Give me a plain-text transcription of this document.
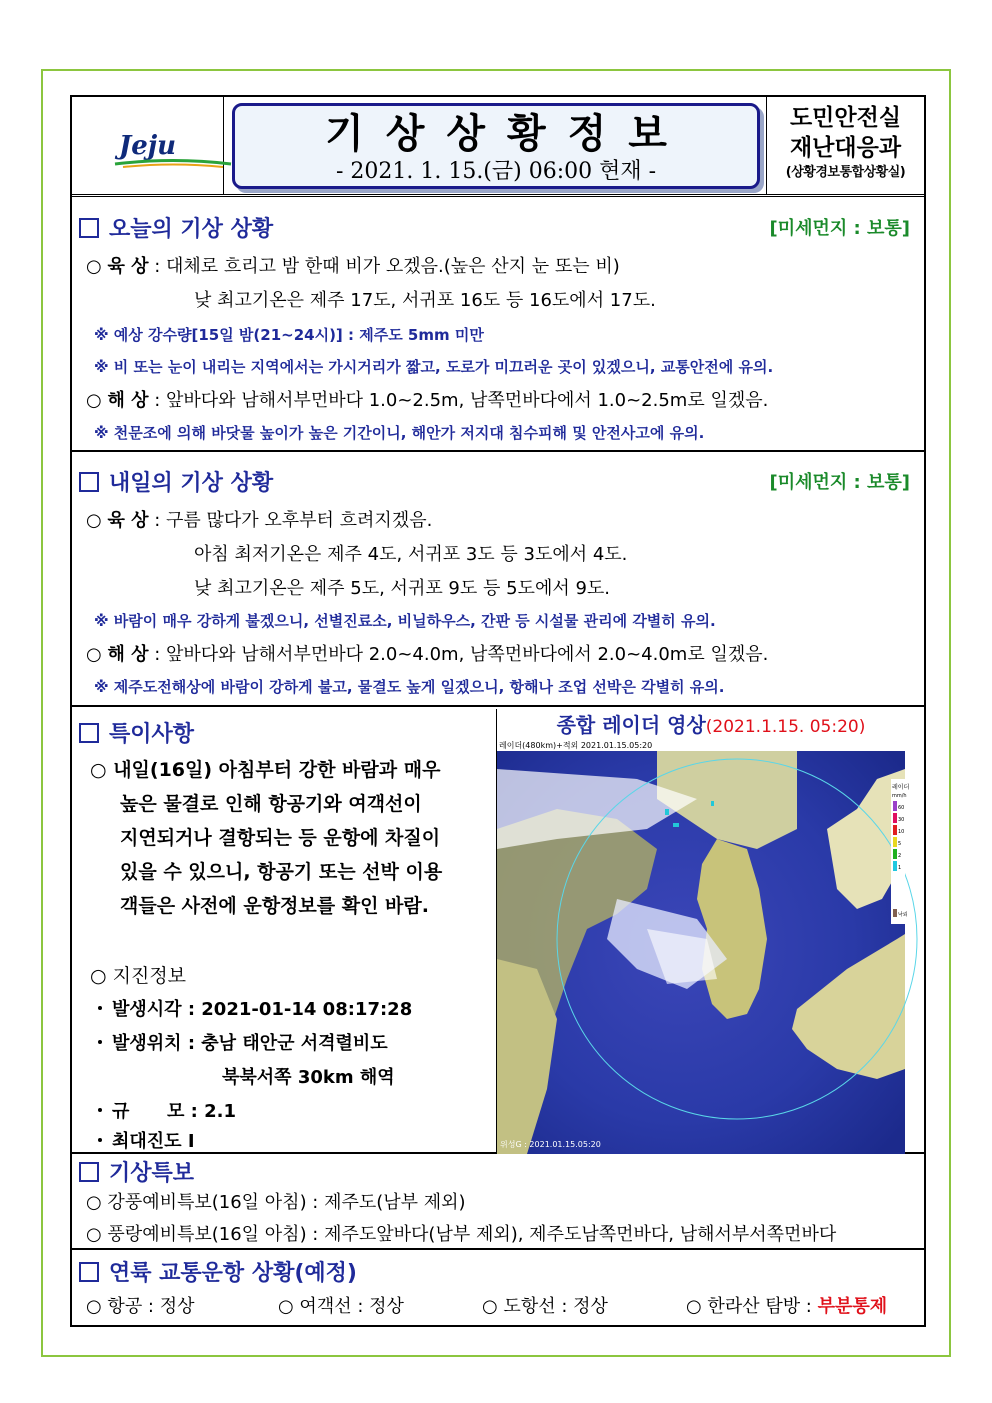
Jeju	기상상황정보
- 2021. 1. 15.(금) 06:00 현재 -
도민안전실
재난대응과
(상황경보통합상황실)
오늘의 기상 상황	[미세먼지 : 보통]
○ 육 상 : 대체로 흐리고 밤 한때 비가 오겠음.(높은 산지 눈 또는 비)
낮 최고기온은 제주 17도, 서귀포 16도 등 16도에서 17도.
※ 예상 강수량[15일 밤(21~24시)] : 제주도 5mm 미만
※ 비 또는 눈이 내리는 지역에서는 가시거리가 짧고, 도로가 미끄러운 곳이 있겠으니, 교통안전에 유의.
○ 해 상 : 앞바다와 남해서부먼바다 1.0~2.5m, 남쪽먼바다에서 1.0~2.5m로 일겠음.
※ 천문조에 의해 바닷물 높이가 높은 기간이니, 해안가 저지대 침수피해 및 안전사고에 유의.
내일의 기상 상황	[미세먼지 : 보통]
○ 육 상 : 구름 많다가 오후부터 흐려지겠음.
아침 최저기온은 제주 4도, 서귀포 3도 등 3도에서 4도.
낮 최고기온은 제주 5도, 서귀포 9도 등 5도에서 9도.
※ 바람이 매우 강하게 불겠으니, 선별진료소, 비닐하우스, 간판 등 시설물 관리에 각별히 유의.
○ 해 상 : 앞바다와 남해서부먼바다 2.0~4.0m, 남쪽먼바다에서 2.0~4.0m로 일겠음.
※ 제주도전해상에 바람이 강하게 불고, 물결도 높게 일겠으니, 항해나 조업 선박은 각별히 유의.
특이사항
○ 내일(16일) 아침부터 강한 바람과 매우
높은 물결로 인해 항공기와 여객선이
지연되거나 결항되는 등 운항에 차질이
있을 수 있으니, 항공기 또는 선박 이용
객들은 사전에 운항정보를 확인 바람.
○ 지진정보
발생시각 : 2021-01-14 08:17:28
발생위치 : 충남 태안군 서격렬비도
북북서쪽 30km 해역
규      모 : 2.1
최대진도 Ⅰ
종합 레이더 영상(2021.1.15. 05:20)
레이더(480km)+적외 2021.01.15.05:20
레이더
mm/h
60
30
10
5
2
1
낙뢰
위성G : 2021.01.15.05:20
기상특보
○ 강풍예비특보(16일 아침) : 제주도(남부 제외)
○ 풍랑예비특보(16일 아침) : 제주도앞바다(남부 제외), 제주도남쪽먼바다, 남해서부서쪽먼바다
연륙 교통운항 상황(예정)
○ 항공 : 정상	○ 여객선 : 정상	○ 도항선 : 정상	○ 한라산 탐방 : 부분통제
